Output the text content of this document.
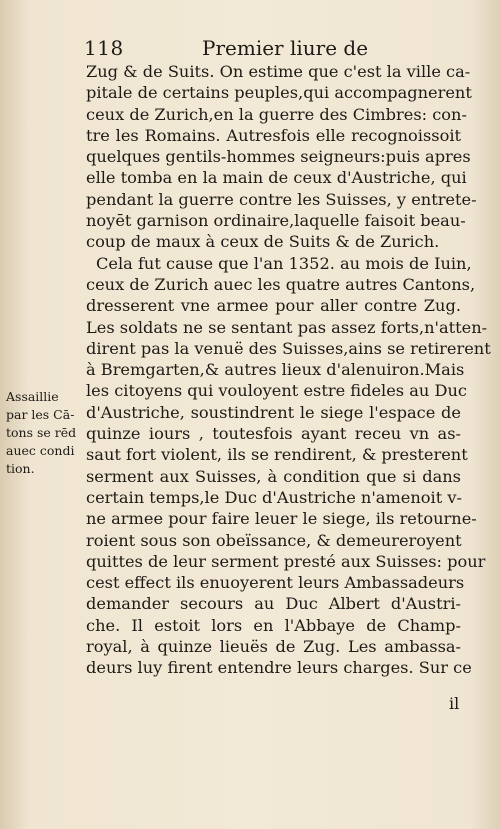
118	Premier liure de
Zug & de Suits. On estime que c'est la ville ca-
pitale de certains peuples,qui accompagnerent
ceux de Zurich,en la guerre des Cimbres: con-
tre les Romains. Autresfois elle recognoissoit
quelques gentils-hommes seigneurs:puis apres
elle tomba en la main de ceux d'Austriche, qui
pendant la guerre contre les Suisses, y entrete-
noyēt garnison ordinaire,laquelle faisoit beau-
coup de maux à ceux de Suits & de Zurich.
Cela fut cause que l'an 1352. au mois de Iuin,
ceux de Zurich auec les quatre autres Cantons,
dresserent vne armee pour aller contre Zug.
Les soldats ne se sentant pas assez forts,n'atten-
dirent pas la venuë des Suisses,ains se retirerent
à Bremgarten,& autres lieux d'alenuiron.Mais
les citoyens qui vouloyent estre fideles au Duc
d'Austriche, soustindrent le siege l'espace de
quinze iours , toutesfois ayant receu vn as-
saut fort violent, ils se rendirent, & presterent
serment aux Suisses, à condition que si dans
certain temps,le Duc d'Austriche n'amenoit v-
ne armee pour faire leuer le siege, ils retourne-
roient sous son obeïssance, & demeureroyent
quittes de leur serment presté aux Suisses: pour
cest effect ils enuoyerent leurs Ambassadeurs
demander secours au Duc Albert d'Austri-
che. Il estoit lors en l'Abbaye de Champ-
royal, à quinze lieuës de Zug. Les ambassa-
deurs luy firent entendre leurs charges. Sur ce
Assaillie
par les Cā-
tons se rēd
auec condi
tion.
il
